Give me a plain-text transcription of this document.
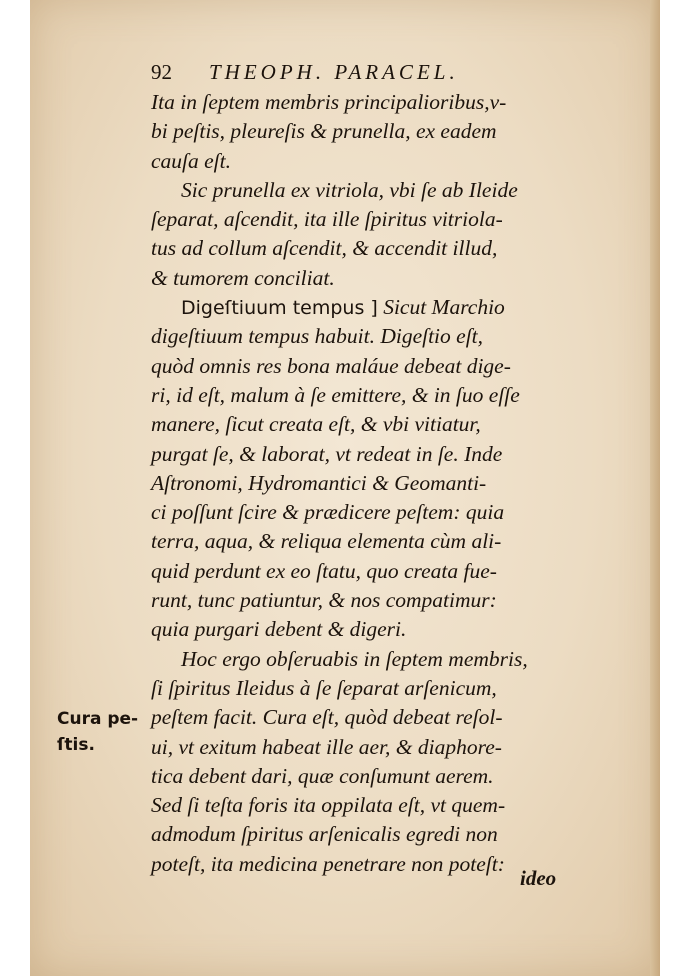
92 THEOPH. PARACEL.
Ita in ſeptem membris principalioribus,v-
bi peſtis, pleureſis & prunella, ex eadem
cauſa eſt.
Sic prunella ex vitriola, vbi ſe ab Ileide
ſeparat, aſcendit, ita ille ſpiritus vitriola-
tus ad collum aſcendit, & accendit illud,
& tumorem conciliat.
Digeſtiuum tempus ] Sicut Marchio
digeſtiuum tempus habuit. Digeſtio eſt,
quòd omnis res bona maláue debeat dige-
ri, id eſt, malum à ſe emittere, & in ſuo eſſe
manere, ſicut creata eſt, & vbi vitiatur,
purgat ſe, & laborat, vt redeat in ſe. Inde
Aſtronomi, Hydromantici & Geomanti-
ci poſſunt ſcire & prædicere peſtem: quia
terra, aqua, & reliqua elementa cùm ali-
quid perdunt ex eo ſtatu, quo creata fue-
runt, tunc patiuntur, & nos compatimur:
quia purgari debent & digeri.
Hoc ergo obſeruabis in ſeptem membris,
ſi ſpiritus Ileidus à ſe ſeparat arſenicum,
peſtem facit. Cura eſt, quòd debeat reſol-
ui, vt exitum habeat ille aer, & diaphore-
tica debent dari, quæ conſumunt aerem.
Sed ſi teſta foris ita oppilata eſt, vt quem-
admodum ſpiritus arſenicalis egredi non
poteſt, ita medicina penetrare non poteſt:
Cura pe-ſtis.
ideo
